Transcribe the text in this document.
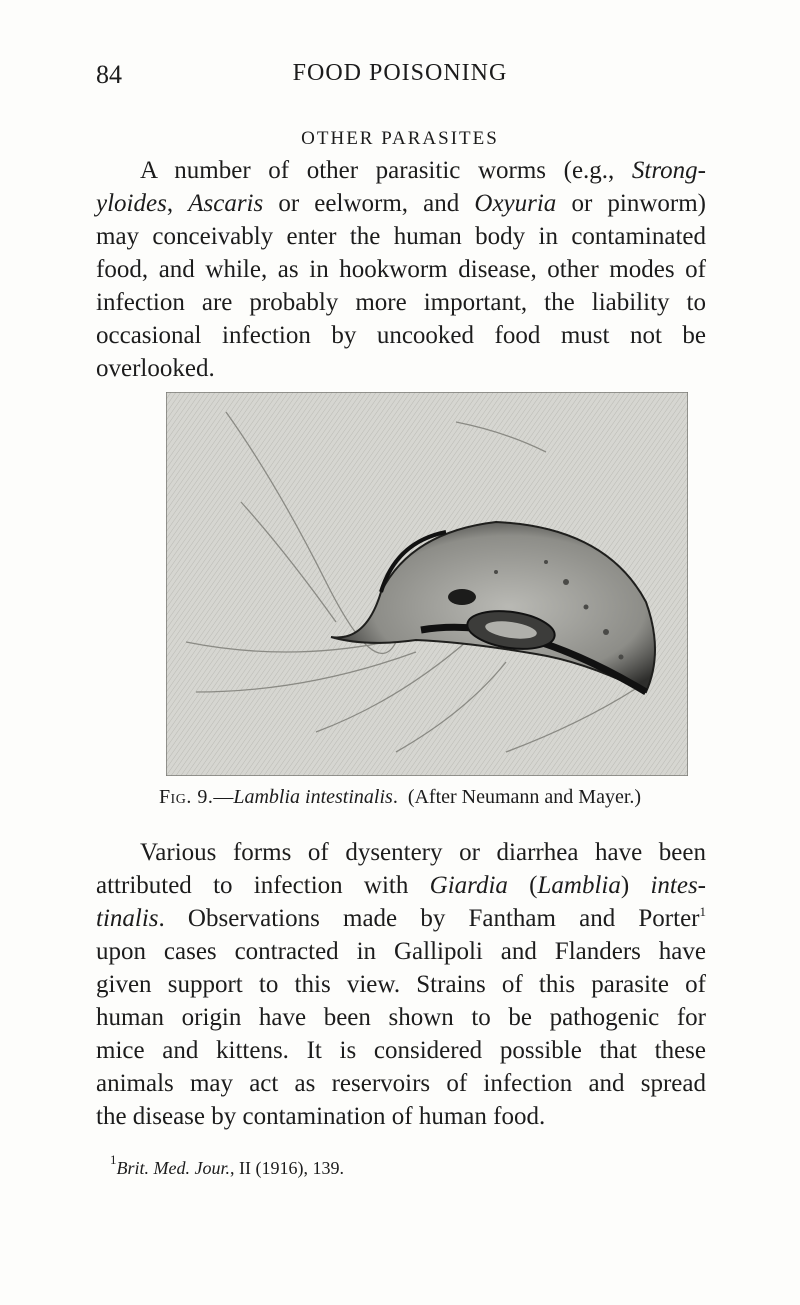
84	FOOD POISONING
OTHER PARASITES
A number of other parasitic worms (e.g., Strong-
yloides, Ascaris or eelworm, and Oxyuria or pinworm)
may conceivably enter the human body in contaminated
food, and while, as in hookworm disease, other modes of
infection are probably more important, the liability to
occasional infection by uncooked food must not be
overlooked.
Fig. 9.—Lamblia intestinalis.  (After Neumann and Mayer.)
Various forms of dysentery or diarrhea have been
attributed to infection with Giardia (Lamblia) intes-
tinalis. Observations made by Fantham and Porter$^1$
upon cases contracted in Gallipoli and Flanders have
given support to this view. Strains of this parasite of
human origin have been shown to be pathogenic for
mice and kittens. It is considered possible that these
animals may act as reservoirs of infection and spread
the disease by contamination of human food.
$^1$Brit. Med. Jour., II (1916), 139.
